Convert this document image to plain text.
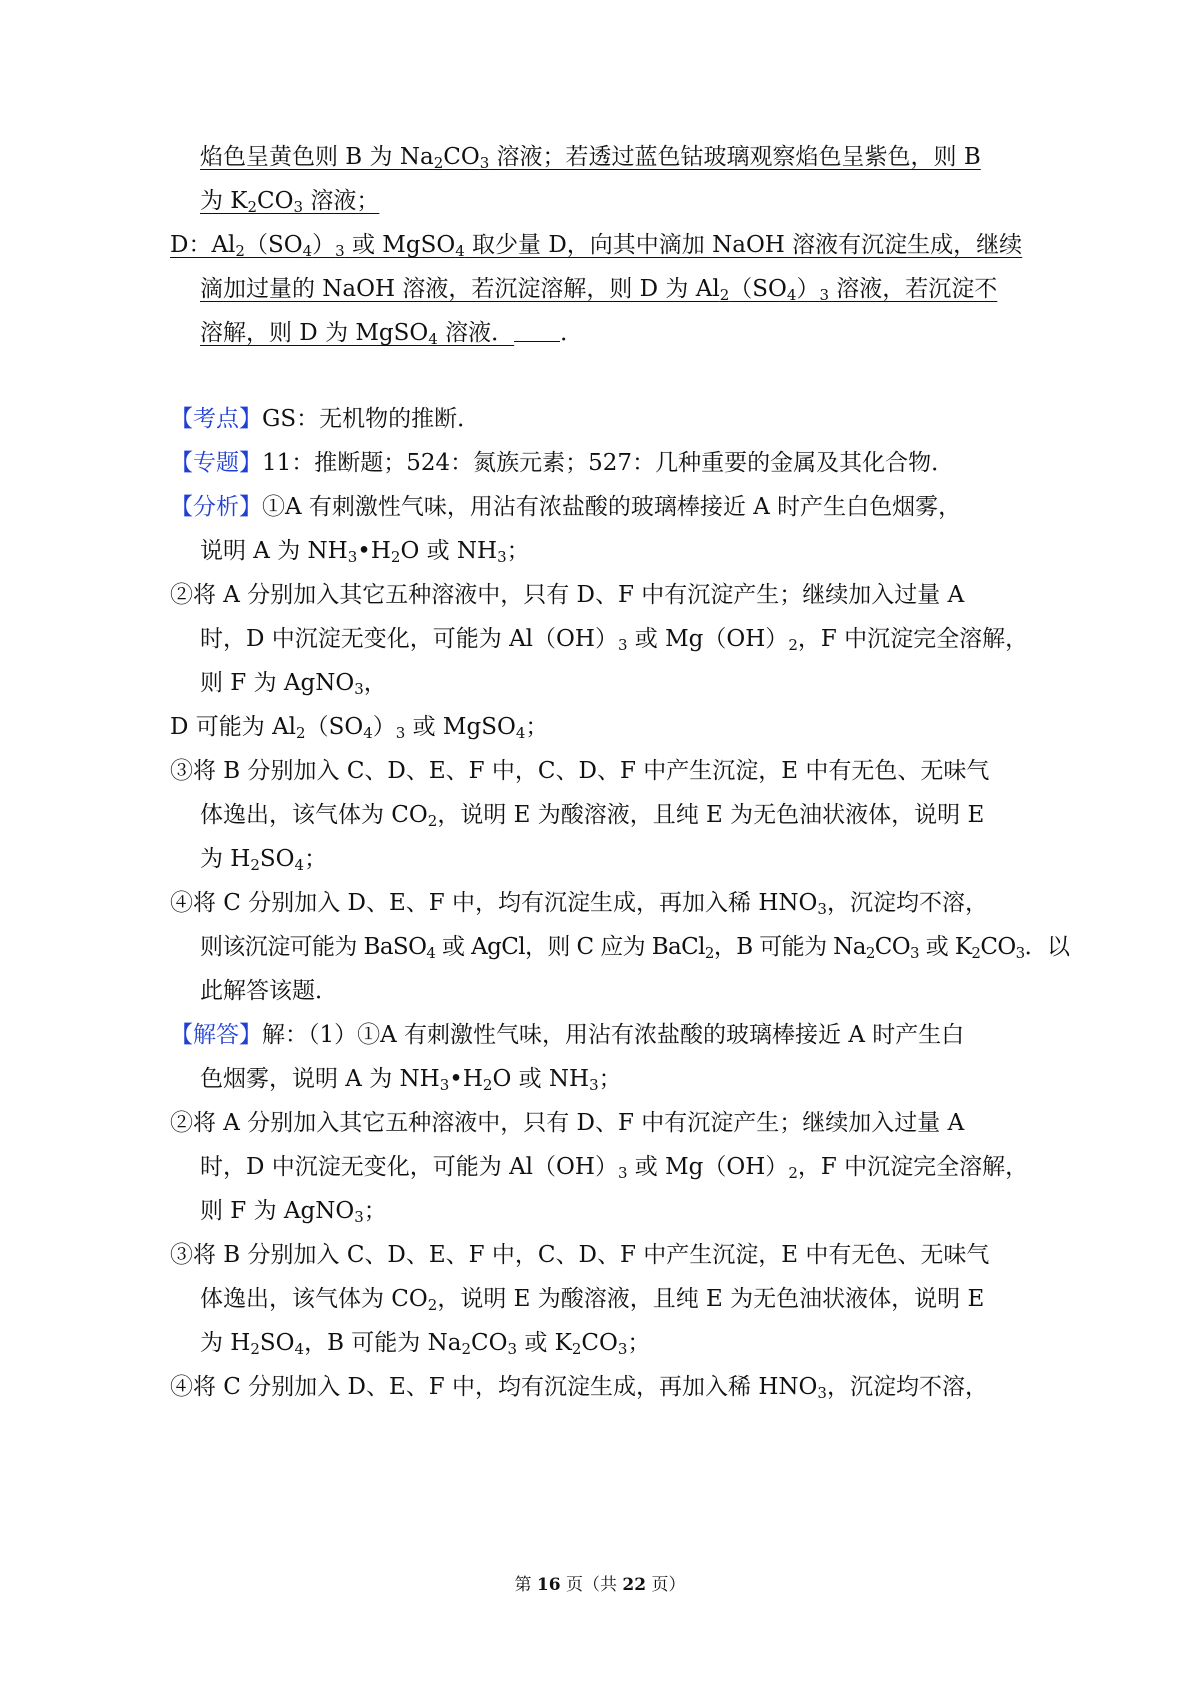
焰色呈黄色则 B 为 $Na_2CO_3$ 溶液；若透过蓝色钴玻璃观察焰色呈紫色，则 B
为 $K_2CO_3$ 溶液；
D：$Al_2(SO_4)_3$ 或 MgSO$_4$ 取少量 D，向其中滴加 NaOH 溶液有沉淀生成，继续
滴加过量的 NaOH 溶液，若沉淀溶解，则 D 为 $Al_2(SO_4)_3$ 溶液，若沉淀不
溶解，则 D 为 MgSO$_4$ 溶液． ．
【考点】GS：无机物的推断．
【专题】11：推断题；524：氮族元素；527：几种重要的金属及其化合物．
【分析】①A 有刺激性气味，用沾有浓盐酸的玻璃棒接近 A 时产生白色烟雾，
说明 A 为 $NH_3•H_2O$ 或 $NH_3$；
②将 A 分别加入其它五种溶液中，只有 D、F 中有沉淀产生；继续加入过量 A
时，D 中沉淀无变化，可能为 $Al(OH)_3$ 或 $Mg(OH)_2$，F 中沉淀完全溶解，
则 F 为 AgNO$_3$，
D 可能为 $Al_2(SO_4)_3$ 或 MgSO$_4$；
③将 B 分别加入 C、D、E、F 中，C、D、F 中产生沉淀，E 中有无色、无味气
体逸出，该气体为 $CO_2$，说明 E 为酸溶液，且纯 E 为无色油状液体，说明 E
为 $H_2SO_4$；
④将 C 分别加入 D、E、F 中，均有沉淀生成，再加入稀 $HNO_3$，沉淀均不溶，
则该沉淀可能为 BaSO$_4$ 或 AgCl，则 C 应为 BaCl$_2$，B 可能为 $Na_2CO_3$ 或 $K_2CO_3$．以
此解答该题．
【解答】解：（1）①A 有刺激性气味，用沾有浓盐酸的玻璃棒接近 A 时产生白
色烟雾，说明 A 为 $NH_3•H_2O$ 或 $NH_3$；
②将 A 分别加入其它五种溶液中，只有 D、F 中有沉淀产生；继续加入过量 A
时，D 中沉淀无变化，可能为 $Al(OH)_3$ 或 $Mg(OH)_2$，F 中沉淀完全溶解，
则 F 为 AgNO$_3$；
③将 B 分别加入 C、D、E、F 中，C、D、F 中产生沉淀，E 中有无色、无味气
体逸出，该气体为 $CO_2$，说明 E 为酸溶液，且纯 E 为无色油状液体，说明 E
为 $H_2SO_4$，B 可能为 $Na_2CO_3$ 或 $K_2CO_3$；
④将 C 分别加入 D、E、F 中，均有沉淀生成，再加入稀 $HNO_3$，沉淀均不溶，
第 16 页（共 22 页）
